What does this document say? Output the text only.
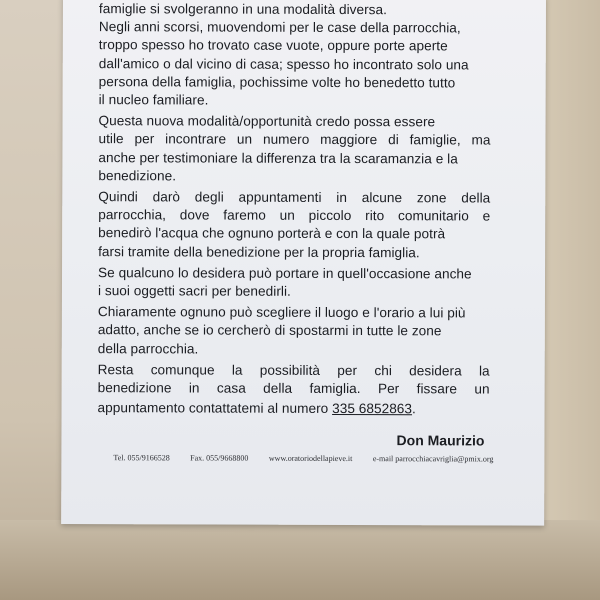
famiglie si svolgeranno in una modalità diversa.
Negli anni scorsi, muovendomi per le case della parrocchia,
troppo spesso ho trovato case vuote, oppure porte aperte
dall'amico o dal vicino di casa; spesso ho incontrato solo una
persona della famiglia, pochissime volte ho benedetto tutto
il nucleo familiare.
Questa nuova modalità/opportunità credo possa essere
utile per incontrare un numero maggiore di famiglie, ma
anche per testimoniare la differenza tra la scaramanzia e la
benedizione.
Quindi darò degli appuntamenti in alcune zone della
parrocchia, dove faremo un piccolo rito comunitario e
benedirò l'acqua che ognuno porterà e con la quale potrà
farsi tramite della benedizione per la propria famiglia.
Se qualcuno lo desidera può portare in quell'occasione anche
i suoi oggetti sacri per benedirli.
Chiaramente ognuno può scegliere il luogo e l'orario a lui più
adatto, anche se io cercherò di spostarmi in tutte le zone
della parrocchia.
Resta comunque la possibilità per chi desidera la
benedizione in casa della famiglia. Per fissare un
appuntamento contattatemi al numero 335 6852863.
Don Maurizio
Tel. 055/9166528	Fax. 055/9668800	www.oratoriodellapieve.it	e-mail parrocchiacavriglia@pmix.org
